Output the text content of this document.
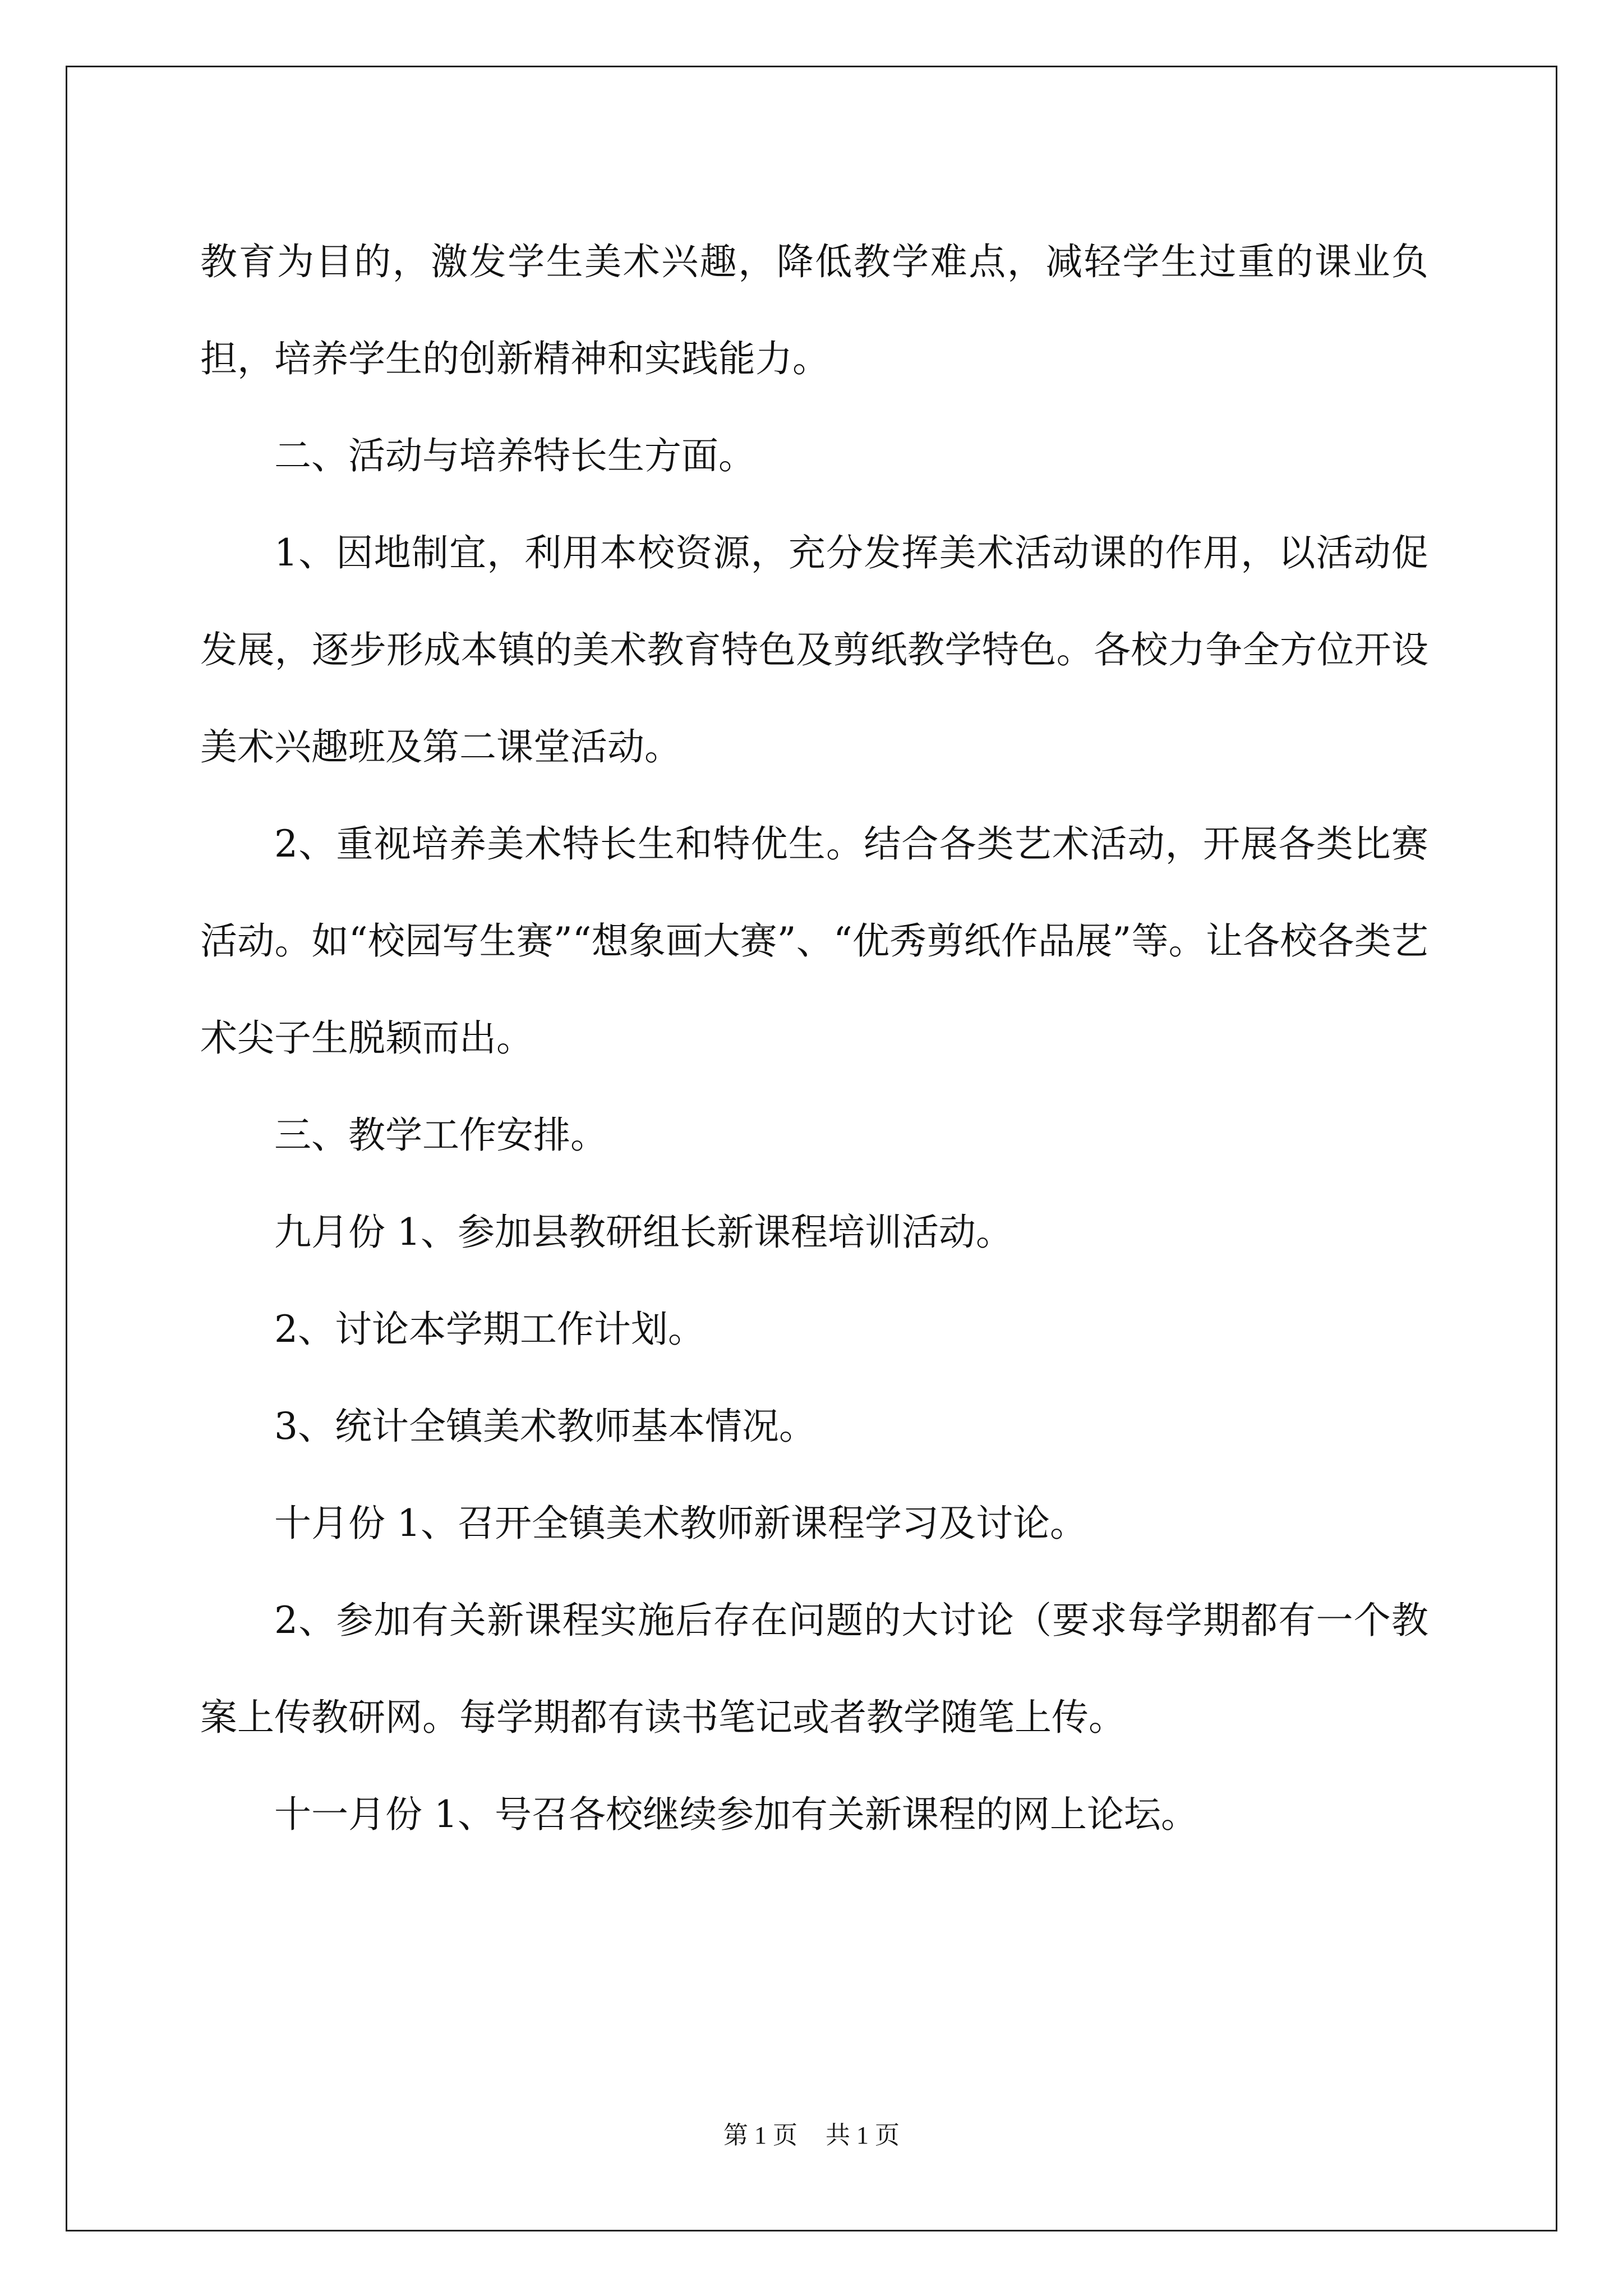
教育为目的，激发学生美术兴趣，降低教学难点，减轻学生过重的课业负担，培养学生的创新精神和实践能力。

二、活动与培养特长生方面。

1、因地制宜，利用本校资源，充分发挥美术活动课的作用，以活动促发展，逐步形成本镇的美术教育特色及剪纸教学特色。各校力争全方位开设美术兴趣班及第二课堂活动。

2、重视培养美术特长生和特优生。结合各类艺术活动，开展各类比赛活动。如“校园写生赛”“想象画大赛”、“优秀剪纸作品展”等。让各校各类艺术尖子生脱颖而出。

三、教学工作安排。

九月份 1、参加县教研组长新课程培训活动。

2、讨论本学期工作计划。

3、统计全镇美术教师基本情况。

十月份 1、召开全镇美术教师新课程学习及讨论。

2、参加有关新课程实施后存在问题的大讨论（要求每学期都有一个教案上传教研网。每学期都有读书笔记或者教学随笔上传。

十一月份 1、号召各校继续参加有关新课程的网上论坛。

第 1 页 共 1 页
